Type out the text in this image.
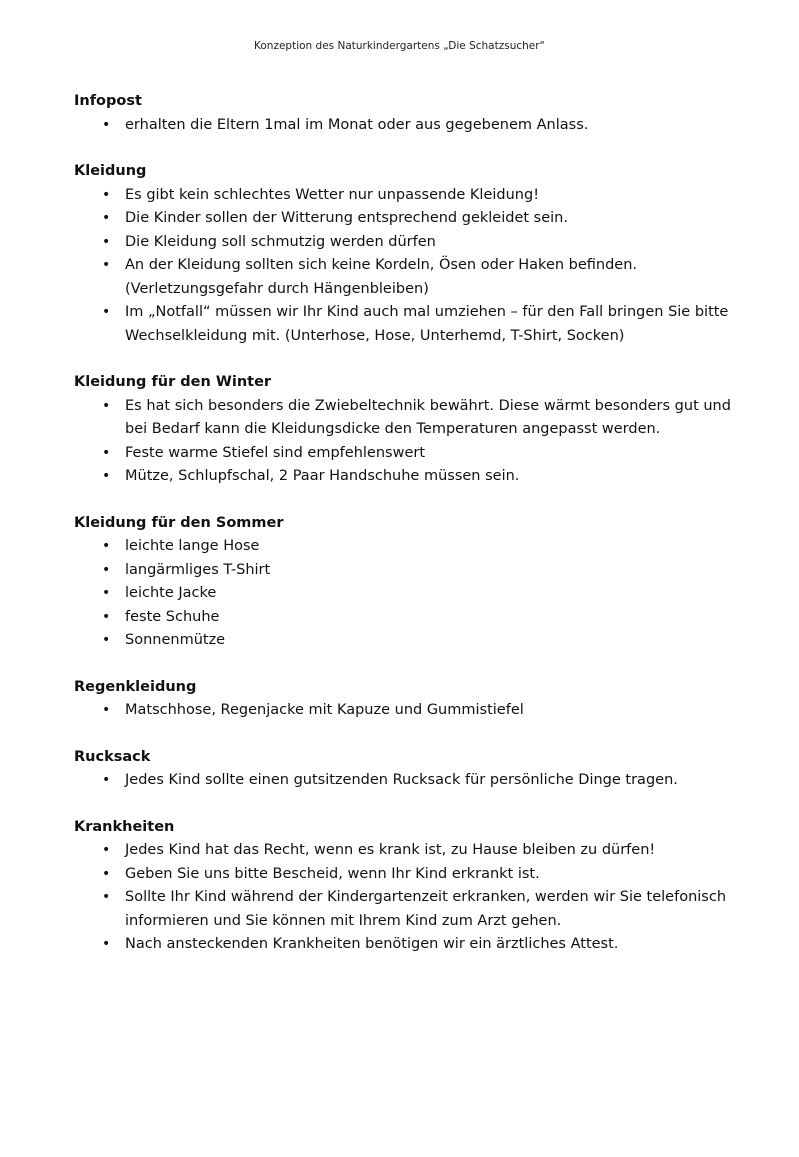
Konzeption des Naturkindergartens „Die Schatzsucher“
Infopost
• erhalten die Eltern 1mal im Monat oder aus gegebenem Anlass.
Kleidung
• Es gibt kein schlechtes Wetter nur unpassende Kleidung!
• Die Kinder sollen der Witterung entsprechend gekleidet sein.
• Die Kleidung soll schmutzig werden dürfen
• An der Kleidung sollten sich keine Kordeln, Ösen oder Haken befinden. (Verletzungsgefahr durch Hängenbleiben)
• Im „Notfall“ müssen wir Ihr Kind auch mal umziehen – für den Fall bringen Sie bitte Wechselkleidung mit. (Unterhose, Hose, Unterhemd, T-Shirt, Socken)
Kleidung für den Winter
• Es hat sich besonders die Zwiebeltechnik bewährt. Diese wärmt besonders gut und bei Bedarf kann die Kleidungsdicke den Temperaturen angepasst werden.
• Feste warme Stiefel sind empfehlenswert
• Mütze, Schlupfschal, 2 Paar Handschuhe müssen sein.
Kleidung für den Sommer
• leichte lange Hose
• langärmliges T-Shirt
• leichte Jacke
• feste Schuhe
• Sonnenmütze
Regenkleidung
• Matschhose, Regenjacke mit Kapuze und Gummistiefel
Rucksack
• Jedes Kind sollte einen gutsitzenden Rucksack für persönliche Dinge tragen.
Krankheiten
• Jedes Kind hat das Recht, wenn es krank ist, zu Hause bleiben zu dürfen!
• Geben Sie uns bitte Bescheid, wenn Ihr Kind erkrankt ist.
• Sollte Ihr Kind während der Kindergartenzeit erkranken, werden wir Sie telefonisch informieren und Sie können mit Ihrem Kind zum Arzt gehen.
• Nach ansteckenden Krankheiten benötigen wir ein ärztliches Attest.
